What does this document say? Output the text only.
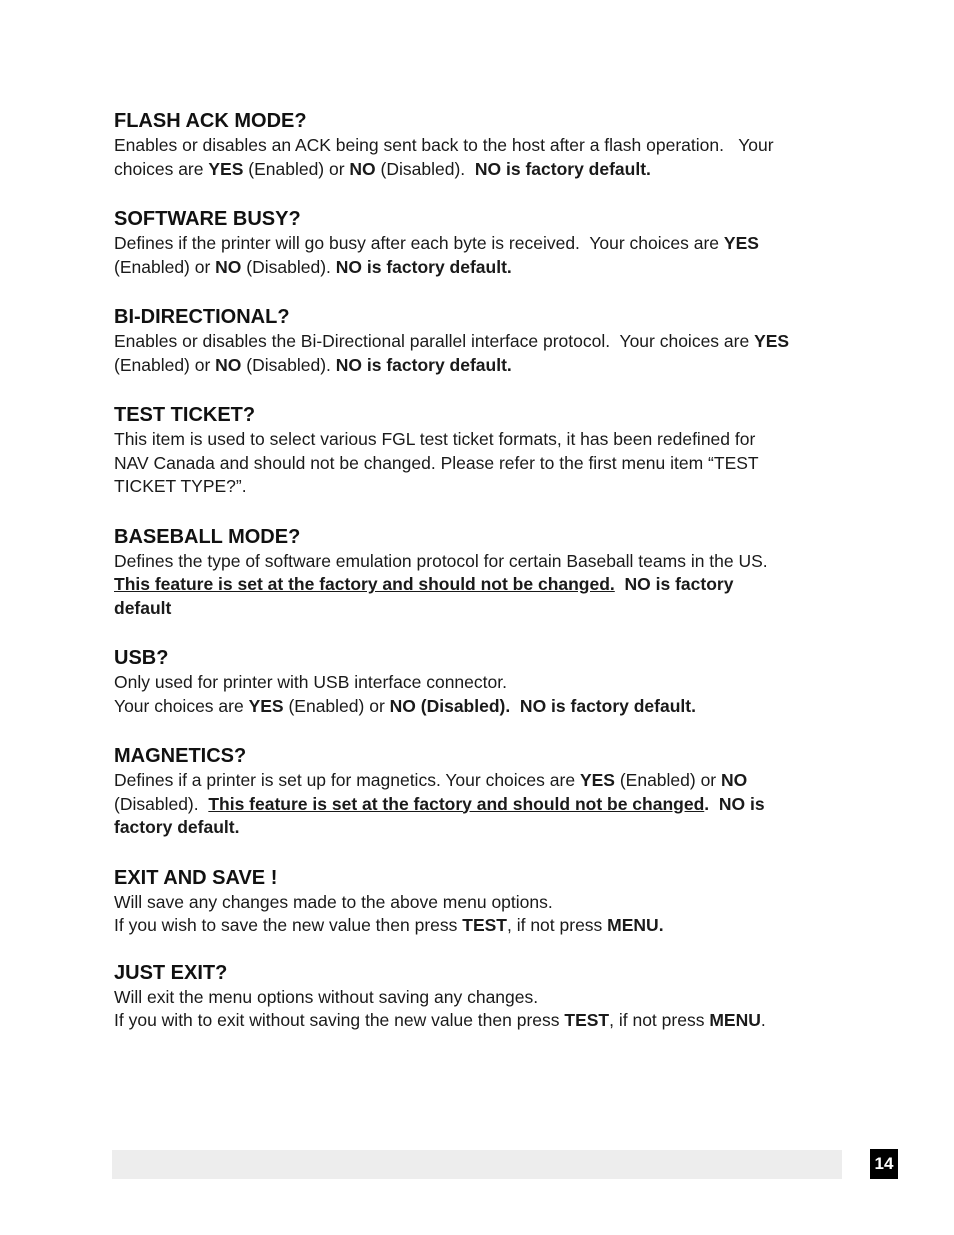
FLASH ACK MODE?
Enables or disables an ACK being sent back to the host after a flash operation.   Your
choices are YES (Enabled) or NO (Disabled).  NO is factory default.
SOFTWARE BUSY?
Defines if the printer will go busy after each byte is received.  Your choices are YES
(Enabled) or NO (Disabled). NO is factory default.
BI-DIRECTIONAL?
Enables or disables the Bi-Directional parallel interface protocol.  Your choices are YES
(Enabled) or NO (Disabled). NO is factory default.
TEST TICKET?
This item is used to select various FGL test ticket formats, it has been redefined for
NAV Canada and should not be changed. Please refer to the first menu item “TEST
TICKET TYPE?”.
BASEBALL MODE?
Defines the type of software emulation protocol for certain Baseball teams in the US.
This feature is set at the factory and should not be changed.  NO is factory
default
USB?
Only used for printer with USB interface connector.
Your choices are YES (Enabled) or NO (Disabled).  NO is factory default.
MAGNETICS?
Defines if a printer is set up for magnetics. Your choices are YES (Enabled) or NO
(Disabled).  This feature is set at the factory and should not be changed.  NO is
factory default.
EXIT AND SAVE !
Will save any changes made to the above menu options.
If you wish to save the new value then press TEST, if not press MENU.
JUST EXIT?
Will exit the menu options without saving any changes.
If you with to exit without saving the new value then press TEST, if not press MENU.
14
